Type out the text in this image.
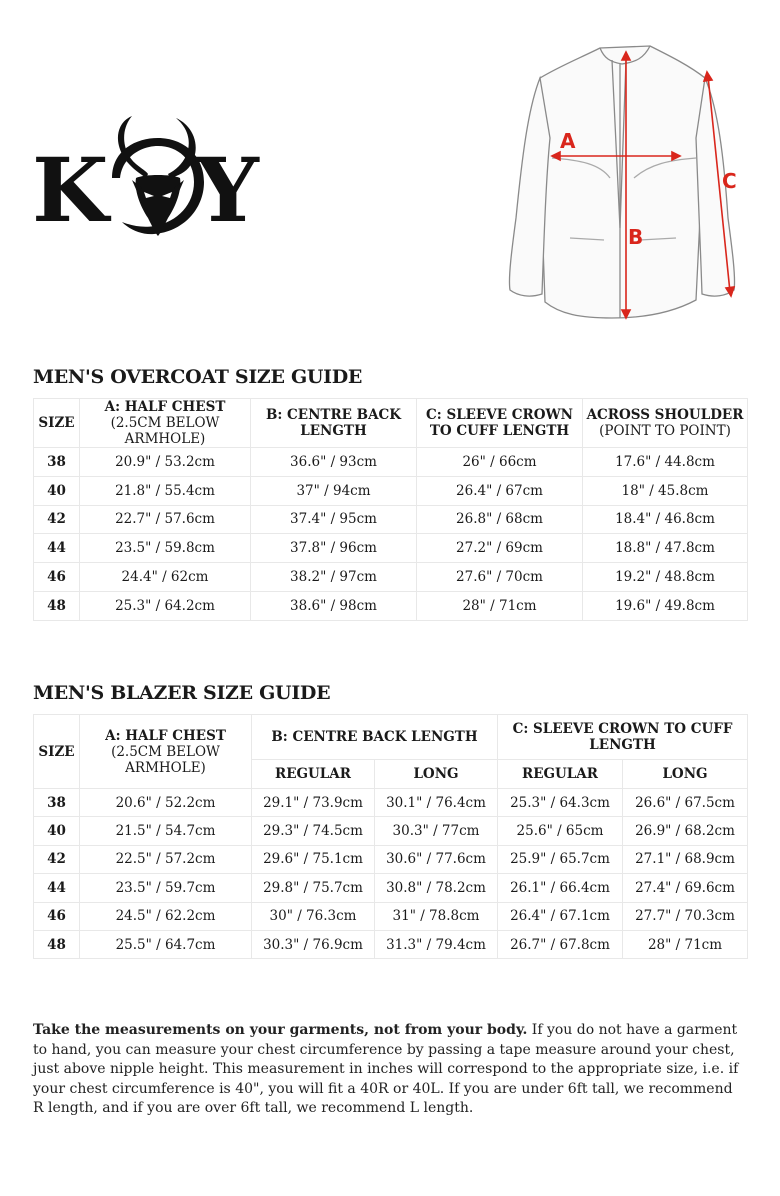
K Y	A
B
C
MEN'S OVERCOAT SIZE GUIDE
SIZE	A: HALF CHEST (2.5CM BELOW ARMHOLE)	B: CENTRE BACK LENGTH	C: SLEEVE CROWN TO CUFF LENGTH	ACROSS SHOULDER
(POINT TO POINT)
38	20.9" / 53.2cm	36.6" / 93cm	26" / 66cm	17.6" / 44.8cm
40	21.8" / 55.4cm	37" / 94cm	26.4" / 67cm	18" / 45.8cm
42	22.7" / 57.6cm	37.4" / 95cm	26.8" / 68cm	18.4" / 46.8cm
44	23.5" / 59.8cm	37.8" / 96cm	27.2" / 69cm	18.8" / 47.8cm
46	24.4" / 62cm	38.2" / 97cm	27.6" / 70cm	19.2" / 48.8cm
48	25.3" / 64.2cm	38.6" / 98cm	28" / 71cm	19.6" / 49.8cm
MEN'S BLAZER SIZE GUIDE
SIZE	A: HALF CHEST (2.5CM BELOW ARMHOLE)	B: CENTRE BACK LENGTH		C: SLEEVE CROWN TO CUFF LENGTH	
		REGULAR	LONG	REGULAR	LONG
38	20.6" / 52.2cm	29.1" / 73.9cm	30.1" / 76.4cm	25.3" / 64.3cm	26.6" / 67.5cm
40	21.5" / 54.7cm	29.3" / 74.5cm	30.3" / 77cm	25.6" / 65cm	26.9" / 68.2cm
42	22.5" / 57.2cm	29.6" / 75.1cm	30.6" / 77.6cm	25.9" / 65.7cm	27.1" / 68.9cm
44	23.5" / 59.7cm	29.8" / 75.7cm	30.8" / 78.2cm	26.1" / 66.4cm	27.4" / 69.6cm
46	24.5" / 62.2cm	30" / 76.3cm	31" / 78.8cm	26.4" / 67.1cm	27.7" / 70.3cm
48	25.5" / 64.7cm	30.3" / 76.9cm	31.3" / 79.4cm	26.7" / 67.8cm	28" / 71cm

Take the measurements on your garments, not from your body. If you do not have a garment to hand, you can measure your chest circumference by passing a tape measure around your chest, just above nipple height. This measurement in inches will correspond to the appropriate size, i.e. if your chest circumference is 40", you will fit a 40R or 40L. If you are under 6ft tall, we recommend R length, and if you are over 6ft tall, we recommend L length.
